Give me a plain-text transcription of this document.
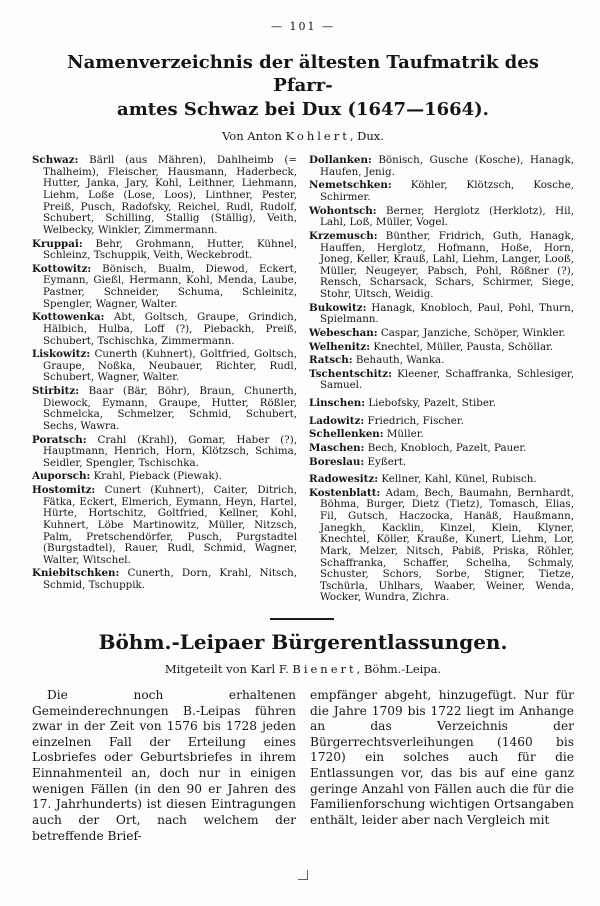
— 101 —
Namenverzeichnis der ältesten Taufmatrik des Pfarr-
amtes Schwaz bei Dux (1647—1664).
Von Anton Kohlert, Dux.

Schwaz: Bärll (aus Mähren), Dahlheimb (= Thalheim), Fleischer, Hausmann, Haderbeck, Hutter, Janka, Jary, Kohl, Leithner, Liehmann, Liehm, Loße (Lose, Loos), Linthner, Pester, Preiß, Pusch, Radofsky, Reichel, Rudl, Rudolf, Schubert, Schilling, Stallig (Ställig), Veith, Welbecky, Winkler, Zimmermann.

Kruppai: Behr, Grohmann, Hutter, Kühnel, Schleinz, Tschuppik, Veith, Weckebrodt.

Kottowitz: Bönisch, Bualm, Diewod, Eckert, Eymann, Gießl, Hermann, Kohl, Menda, Laube, Pastner, Schneider, Schuma, Schleinitz, Spengler, Wagner, Walter.

Kottowenka: Abt, Goltsch, Graupe, Grindich, Hälbich, Hulba, Loff (?), Piebackh, Preiß, Schubert, Tschischka, Zimmermann.

Liskowitz: Cunerth (Kuhnert), Goltfried, Goltsch, Graupe, Noßka, Neubauer, Richter, Rudl, Schubert, Wagner, Walter.

Stirbitz: Baar (Bär, Böhr), Braun, Chunerth, Diewock, Eymann, Graupe, Hutter, Rößler, Schmelcka, Schmelzer, Schmid, Schubert, Sechs, Wawra.

Poratsch: Crahl (Krahl), Gomar, Haber (?), Hauptmann, Henrich, Horn, Klötzsch, Schima, Seidler, Spengler, Tschischka.

Auporsch: Krahl, Pieback (Piewak).

Hostomitz: Cunert (Kuhnert), Caiter, Ditrich, Fätka, Eckert, Elmerich, Eymann, Heyn, Hartel, Hürte, Hortschitz, Goltfried, Kellner, Kohl, Kuhnert, Löbe Martinowitz, Müller, Nitzsch, Palm, Pretschendörfer, Pusch, Purgstadtel (Burgstadtel), Rauer, Rudl, Schmid, Wagner, Walter, Witschel.

Kniebitschken: Cunerth, Dorn, Krahl, Nitsch, Schmid, Tschuppik.

Dollanken: Bönisch, Gusche (Kosche), Hanagk, Haufen, Jenig.

Nemetschken: Köhler, Klötzsch, Kosche, Schirmer.

Wohontsch: Berner, Herglotz (Herklotz), Hil, Lahl, Loß, Müller, Vogel.

Krzemusch: Bünther, Fridrich, Guth, Hanagk, Hauffen, Herglotz, Hofmann, Hoße, Horn, Joneg, Keller, Krauß, Lahl, Liehm, Langer, Looß, Müller, Neugeyer, Pabsch, Pohl, Rößner (?), Rensch, Scharsack, Schars, Schirmer, Siege, Stohr, Ultsch, Weidig.

Bukowitz: Hanagk, Knobloch, Paul, Pohl, Thurn, Spielmann.

Webeschan: Caspar, Janziche, Schöper, Winkler.

Welhenitz: Knechtel, Müller, Pausta, Schöllar.

Ratsch: Behauth, Wanka.

Tschentschitz: Kleener, Schaffranka, Schlesiger, Samuel.

Linschen: Liebofsky, Pazelt, Stiber.

Ladowitz: Friedrich, Fischer.

Schellenken: Müller.

Maschen: Bech, Knobloch, Pazelt, Pauer.

Boreslau: Eyßert.

Radowesitz: Kellner, Kahl, Künel, Rubisch.

Kostenblatt: Adam, Bech, Baumahn, Bernhardt, Böhma, Burger, Dietz (Tietz), Tomasch, Elias, Fil, Gutsch, Haczocka, Hanäß, Haußmann, Janegkh, Kacklin, Kinzel, Klein, Klyner, Knechtel, Köller, Krauße, Kunert, Liehm, Lor, Mark, Melzer, Nitsch, Pabiß, Priska, Röhler, Schaffranka, Schaffer, Schelha, Schmaly, Schuster, Schors, Sorbe, Stigner, Tietze, Tschürla, Uhlhars, Waaber, Weiner, Wenda, Wocker, Wundra, Zichra.

Böhm.-Leipaer Bürgerentlassungen.
Mitgeteilt von Karl F. Bienert, Böhm.-Leipa.

Die noch erhaltenen Gemeinderechnungen B.-Leipas führen zwar in der Zeit von 1576 bis 1728 jeden einzelnen Fall der Erteilung eines Losbriefes oder Geburtsbriefes in ihrem Einnahmenteil an, doch nur in einigen wenigen Fällen (in den 90 er Jahren des 17. Jahrhunderts) ist diesen Eintragungen auch der Ort, nach welchem der betreffende Brief-

empfänger abgeht, hinzugefügt. Nur für die Jahre 1709 bis 1722 liegt im Anhange an das Verzeichnis der Bürgerrechtsverleihungen (1460 bis 1720) ein solches auch für die Entlassungen vor, das bis auf eine ganz geringe Anzahl von Fällen auch die für die Familienforschung wichtigen Ortsangaben enthält, leider aber nach Vergleich mit
